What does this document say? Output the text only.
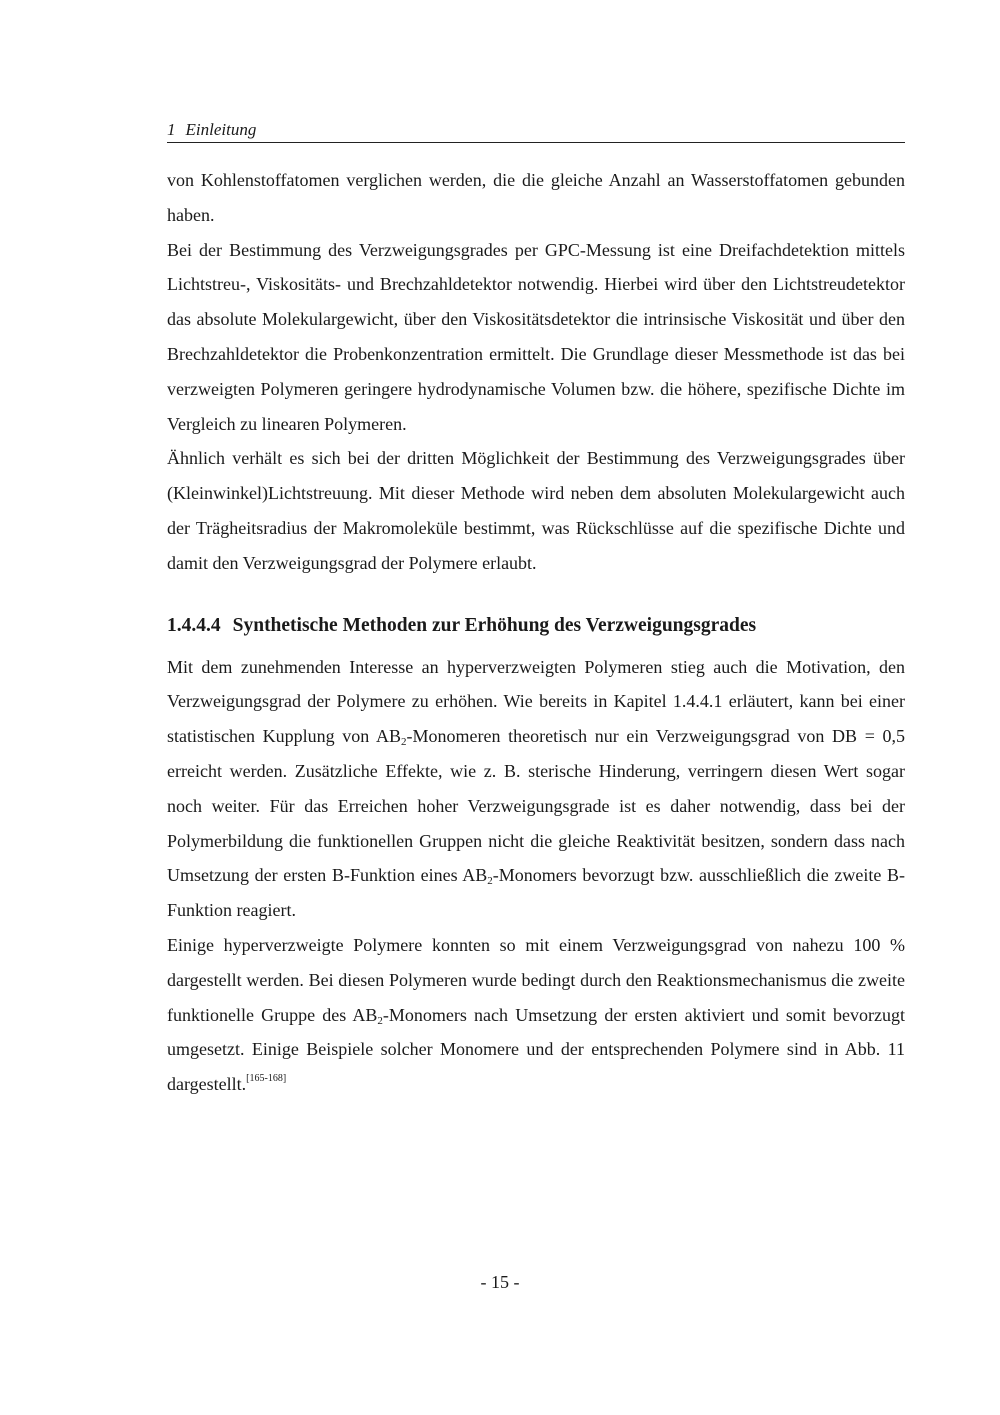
1 Einleitung

von Kohlenstoffatomen verglichen werden, die die gleiche Anzahl an Wasserstoffatomen gebunden haben.

Bei der Bestimmung des Verzweigungsgrades per GPC-Messung ist eine Dreifachdetektion mittels Lichtstreu-, Viskositäts- und Brechzahldetektor notwendig. Hierbei wird über den Lichtstreudetektor das absolute Molekulargewicht, über den Viskositätsdetektor die intrinsische Viskosität und über den Brechzahldetektor die Probenkonzentration ermittelt. Die Grundlage dieser Messmethode ist das bei verzweigten Polymeren geringere hydrodynamische Volumen bzw. die höhere, spezifische Dichte im Vergleich zu linearen Polymeren.

Ähnlich verhält es sich bei der dritten Möglichkeit der Bestimmung des Verzweigungsgrades über (Kleinwinkel)Lichtstreuung. Mit dieser Methode wird neben dem absoluten Molekulargewicht auch der Trägheitsradius der Makromoleküle bestimmt, was Rückschlüsse auf die spezifische Dichte und damit den Verzweigungsgrad der Polymere erlaubt.

1.4.4.4 Synthetische Methoden zur Erhöhung des Verzweigungsgrades

Mit dem zunehmenden Interesse an hyperverzweigten Polymeren stieg auch die Motivation, den Verzweigungsgrad der Polymere zu erhöhen. Wie bereits in Kapitel 1.4.4.1 erläutert, kann bei einer statistischen Kupplung von $AB_2$-Monomeren theoretisch nur ein Verzweigungsgrad von DB = 0,5 erreicht werden. Zusätzliche Effekte, wie z. B. sterische Hinderung, verringern diesen Wert sogar noch weiter. Für das Erreichen hoher Verzweigungsgrade ist es daher notwendig, dass bei der Polymerbildung die funktionellen Gruppen nicht die gleiche Reaktivität besitzen, sondern dass nach Umsetzung der ersten B-Funktion eines $AB_2$-Monomers bevorzugt bzw. ausschließlich die zweite B-Funktion reagiert.

Einige hyperverzweigte Polymere konnten so mit einem Verzweigungsgrad von nahezu 100 % dargestellt werden. Bei diesen Polymeren wurde bedingt durch den Reaktionsmechanismus die zweite funktionelle Gruppe des $AB_2$-Monomers nach Umsetzung der ersten aktiviert und somit bevorzugt umgesetzt. Einige Beispiele solcher Monomere und der entsprechenden Polymere sind in Abb. 11 dargestellt.[165-168]

- 15 -
